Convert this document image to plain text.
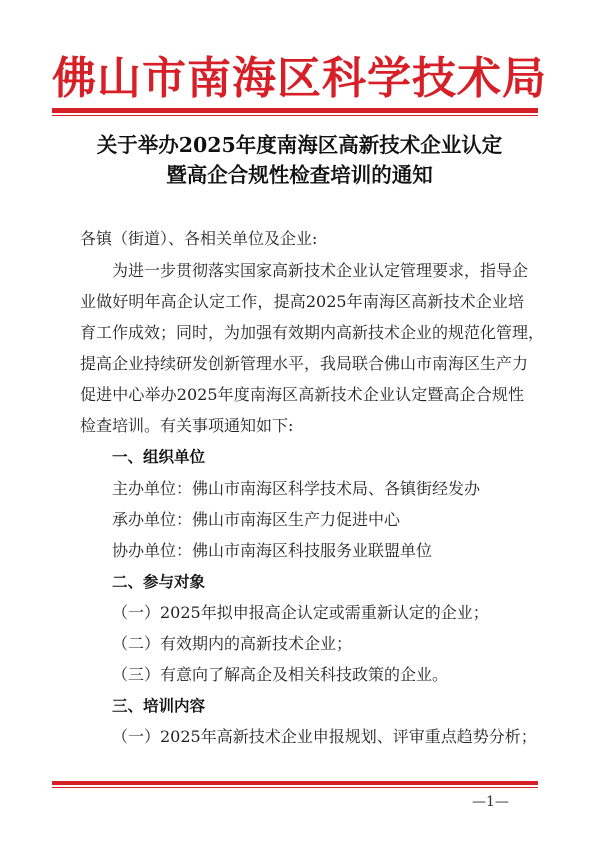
佛山市南海区科学技术局
关于举办2025年度南海区高新技术企业认定
暨高企合规性检查培训的通知
各镇（街道）、各相关单位及企业:
为进一步贯彻落实国家高新技术企业认定管理要求，指导企
业做好明年高企认定工作，提高2025年南海区高新技术企业培
育工作成效；同时，为加强有效期内高新技术企业的规范化管理，
提高企业持续研发创新管理水平，我局联合佛山市南海区生产力
促进中心举办2025年度南海区高新技术企业认定暨高企合规性
检查培训。有关事项通知如下:
一、组织单位
主办单位：佛山市南海区科学技术局、各镇街经发办
承办单位：佛山市南海区生产力促进中心
协办单位：佛山市南海区科技服务业联盟单位
二、参与对象
（一）2025年拟申报高企认定或需重新认定的企业；
（二）有效期内的高新技术企业；
（三）有意向了解高企及相关科技政策的企业。
三、培训内容
（一）2025年高新技术企业申报规划、评审重点趋势分析；
—1—
